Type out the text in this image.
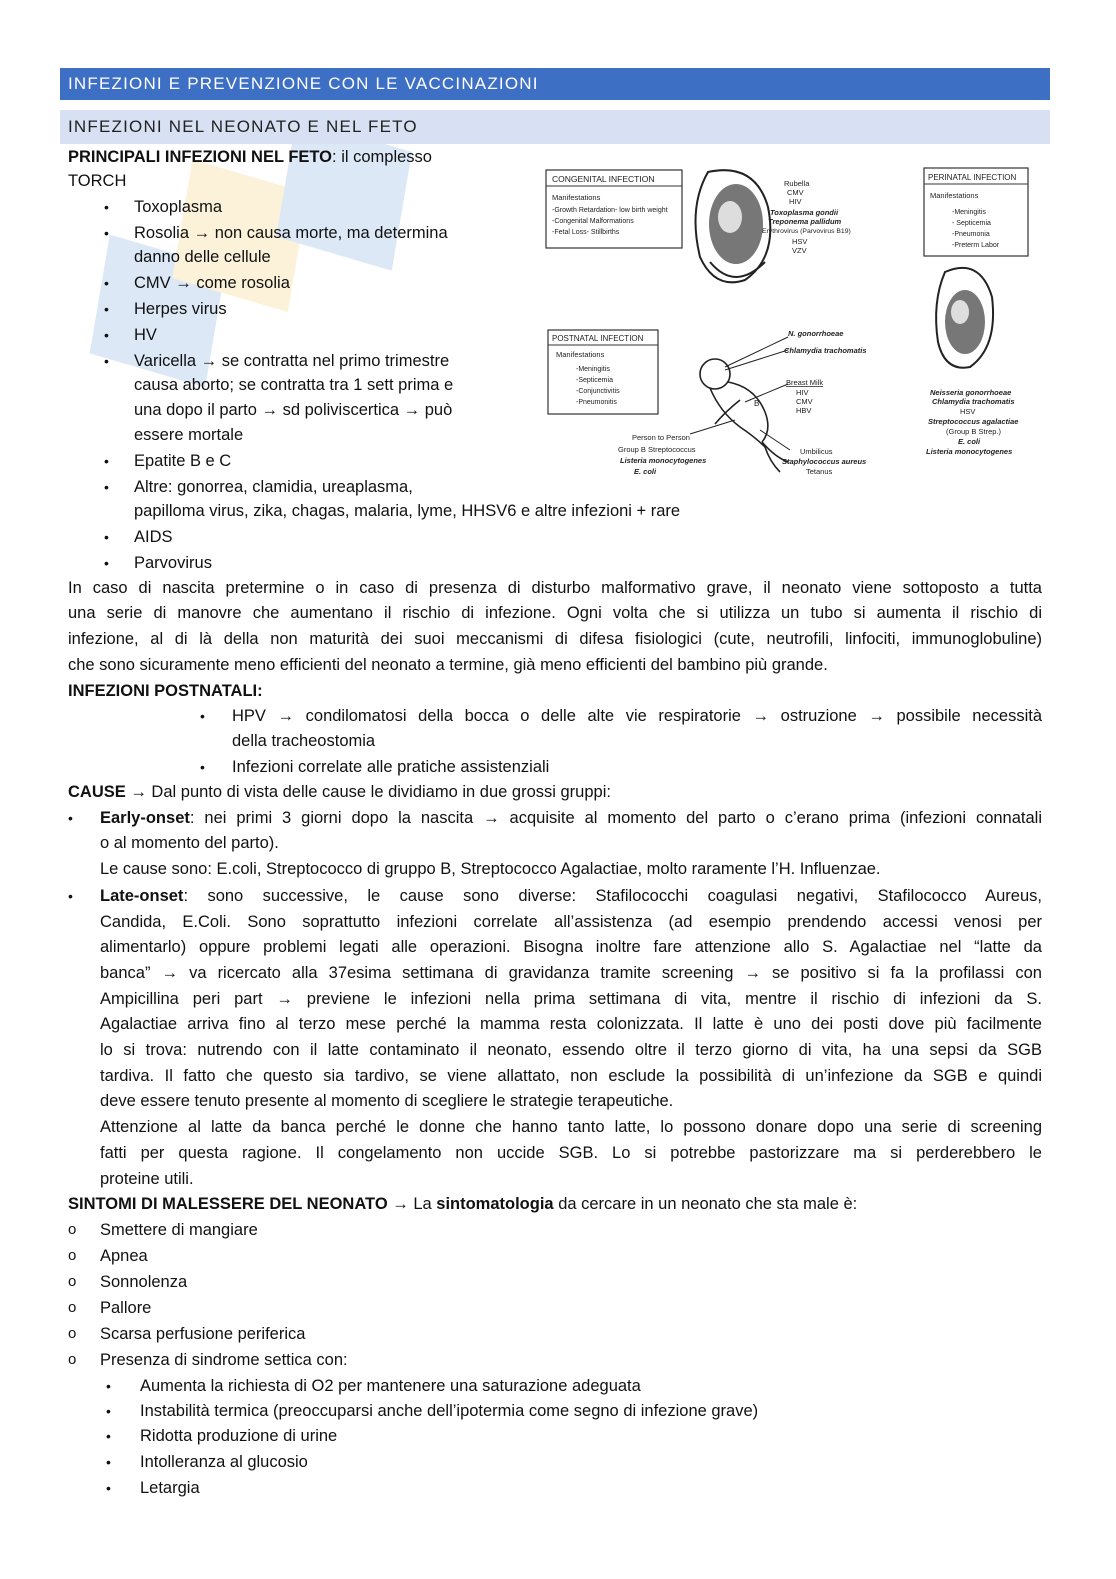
INFEZIONI E PREVENZIONE CON LE VACCINAZIONI
INFEZIONI NEL NEONATO E NEL FETO
PRINCIPALI INFEZIONI NEL FETO: il complesso
TORCH
• Toxoplasma
• Rosolia → non causa morte, ma determina
danno delle cellule
• CMV → come rosolia
• Herpes virus
• HV
• Varicella → se contratta nel primo trimestre
causa aborto; se contratta tra 1 sett prima e
una dopo il parto → sd poliviscertica → può
essere mortale
• Epatite B e C
• Altre: gonorrea, clamidia, ureaplasma,
papilloma virus, zika, chagas, malaria, lyme, HHSV6 e altre infezioni + rare
• AIDS
• Parvovirus
CONGENITAL INFECTION
Manifestations
-Growth Retardation- low birth weight
-Congenital Malformations
-Fetal Loss- Stillbirths
Rubella
CMV
HIV
Toxoplasma gondii
Treponema pallidum
Erythrovirus (Parvovirus B19)
HSV
VZV
PERINATAL INFECTION
Manifestations
-Meningitis
- Septicemia
-Pneumonia
-Preterm Labor
Neisseria gonorrhoeae
Chlamydia trachomatis
HSV
Streptococcus agalactiae
(Group B Strep.)
E. coli
Listeria monocytogenes
POSTNATAL INFECTION
Manifestations
-Meningitis
-Septicemia
-Conjunctivitis
-Pneumonitis
N. gonorrhoeae
Chlamydia trachomatis
Breast Milk
HIV
CMV
HBV
B
Person to Person
Group B Streptococcus
Listeria monocytogenes
E. coli
Umbilicus
Staphylococcus aureus
Tetanus
In caso di nascita pretermine o in caso di presenza di disturbo malformativo grave, il neonato viene sottoposto a tutta
una serie di manovre che aumentano il rischio di infezione. Ogni volta che si utilizza un tubo si aumenta il rischio di
infezione, al di là della non maturità dei suoi meccanismi di difesa fisiologici (cute, neutrofili, linfociti, immunoglobuline)
che sono sicuramente meno efficienti del neonato a termine, già meno efficienti del bambino più grande.
INFEZIONI POSTNATALI:
• HPV → condilomatosi della bocca o delle alte vie respiratorie → ostruzione → possibile necessità
della tracheostomia
• Infezioni correlate alle pratiche assistenziali
CAUSE → Dal punto di vista delle cause le dividiamo in due grossi gruppi:
• Early-onset: nei primi 3 giorni dopo la nascita → acquisite al momento del parto o c’erano prima (infezioni connatali
o al momento del parto).
Le cause sono: E.coli, Streptococco di gruppo B, Streptococco Agalactiae, molto raramente l’H. Influenzae.
• Late-onset: sono successive, le cause sono diverse: Stafilococchi coagulasi negativi, Stafilococco Aureus,
Candida, E.Coli. Sono soprattutto infezioni correlate all’assistenza (ad esempio prendendo accessi venosi per
alimentarlo) oppure problemi legati alle operazioni. Bisogna inoltre fare attenzione allo S. Agalactiae nel “latte da
banca” → va ricercato alla 37esima settimana di gravidanza tramite screening → se positivo si fa la profilassi con
Ampicillina peri part → previene le infezioni nella prima settimana di vita, mentre il rischio di infezioni da S.
Agalactiae arriva fino al terzo mese perché la mamma resta colonizzata. Il latte è uno dei posti dove più facilmente
lo si trova: nutrendo con il latte contaminato il neonato, essendo oltre il terzo giorno di vita, ha una sepsi da SGB
tardiva. Il fatto che questo sia tardivo, se viene allattato, non esclude la possibilità di un’infezione da SGB e quindi
deve essere tenuto presente al momento di scegliere le strategie terapeutiche.
Attenzione al latte da banca perché le donne che hanno tanto latte, lo possono donare dopo una serie di screening
fatti per questa ragione. Il congelamento non uccide SGB. Lo si potrebbe pastorizzare ma si perderebbero le
proteine utili.
SINTOMI DI MALESSERE DEL NEONATO → La sintomatologia da cercare in un neonato che sta male è:
o Smettere di mangiare
o Apnea
o Sonnolenza
o Pallore
o Scarsa perfusione periferica
o Presenza di sindrome settica con:
• Aumenta la richiesta di O2 per mantenere una saturazione adeguata
• Instabilità termica (preoccuparsi anche dell’ipotermia come segno di infezione grave)
• Ridotta produzione di urine
• Intolleranza al glucosio
• Letargia
